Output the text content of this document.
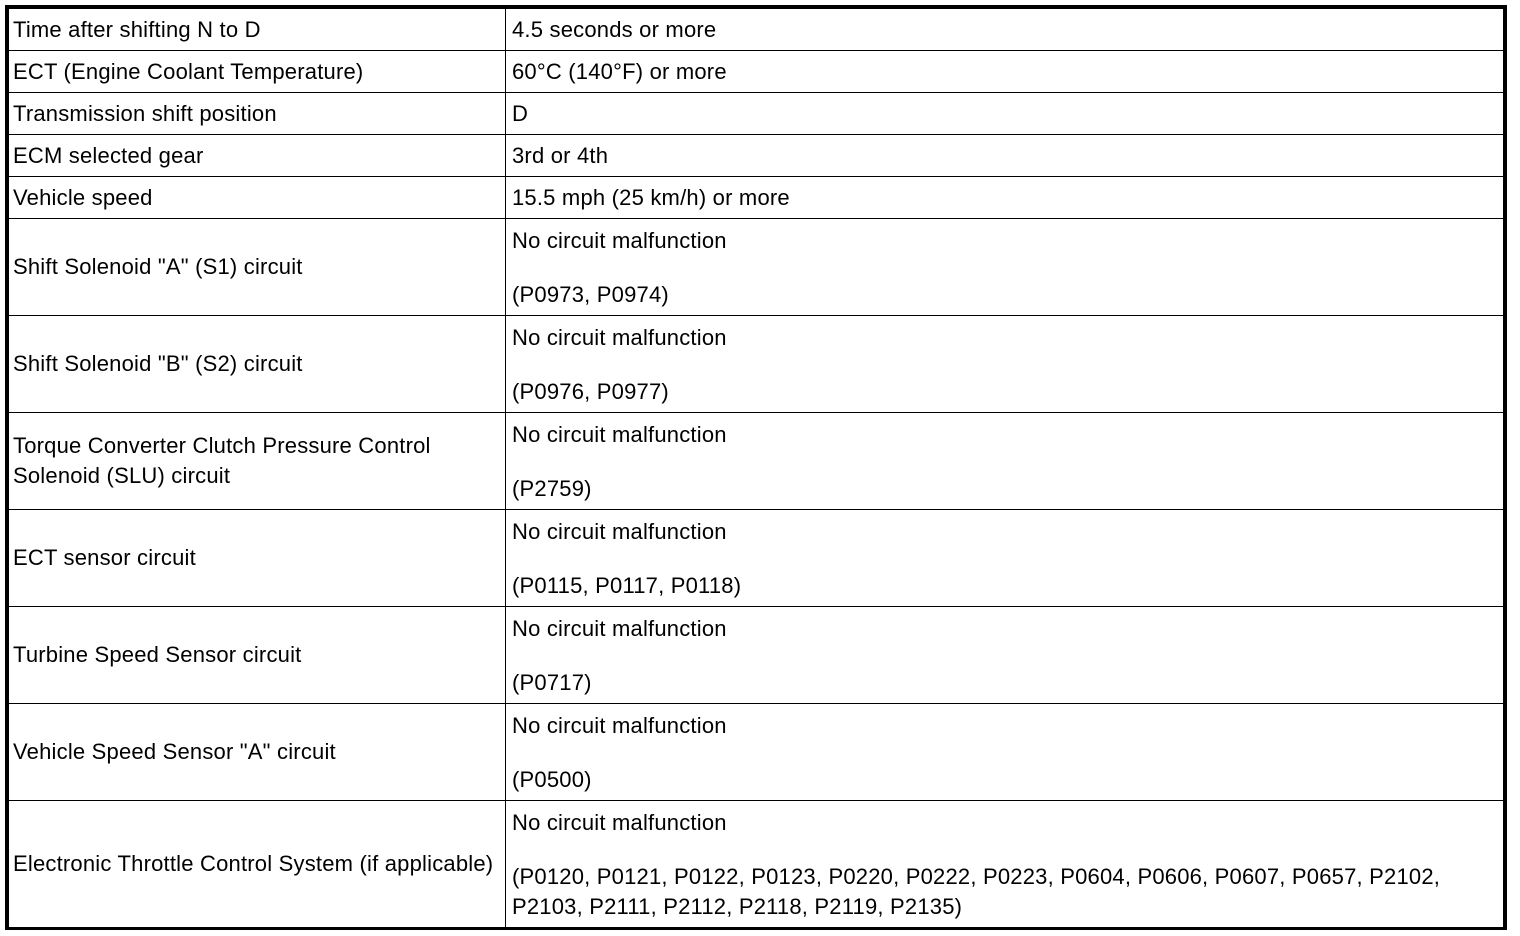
Time after shifting N to D	4.5 seconds or more
ECT (Engine Coolant Temperature)	60°C (140°F) or more
Transmission shift position	D
ECM selected gear	3rd or 4th
Vehicle speed	15.5 mph (25 km/h) or more
Shift Solenoid "A" (S1) circuit	No circuit malfunction
(P0973, P0974)

Shift Solenoid "B" (S2) circuit	No circuit malfunction
(P0976, P0977)

Torque Converter Clutch Pressure Control Solenoid (SLU) circuit	No circuit malfunction
(P2759)

ECT sensor circuit	No circuit malfunction
(P0115, P0117, P0118)

Turbine Speed Sensor circuit	No circuit malfunction
(P0717)

Vehicle Speed Sensor "A" circuit	No circuit malfunction
(P0500)

Electronic Throttle Control System (if applicable)	No circuit malfunction
(P0120, P0121, P0122, P0123, P0220, P0222, P0223, P0604, P0606, P0607, P0657, P2102, P2103, P2111, P2112, P2118, P2119, P2135)
